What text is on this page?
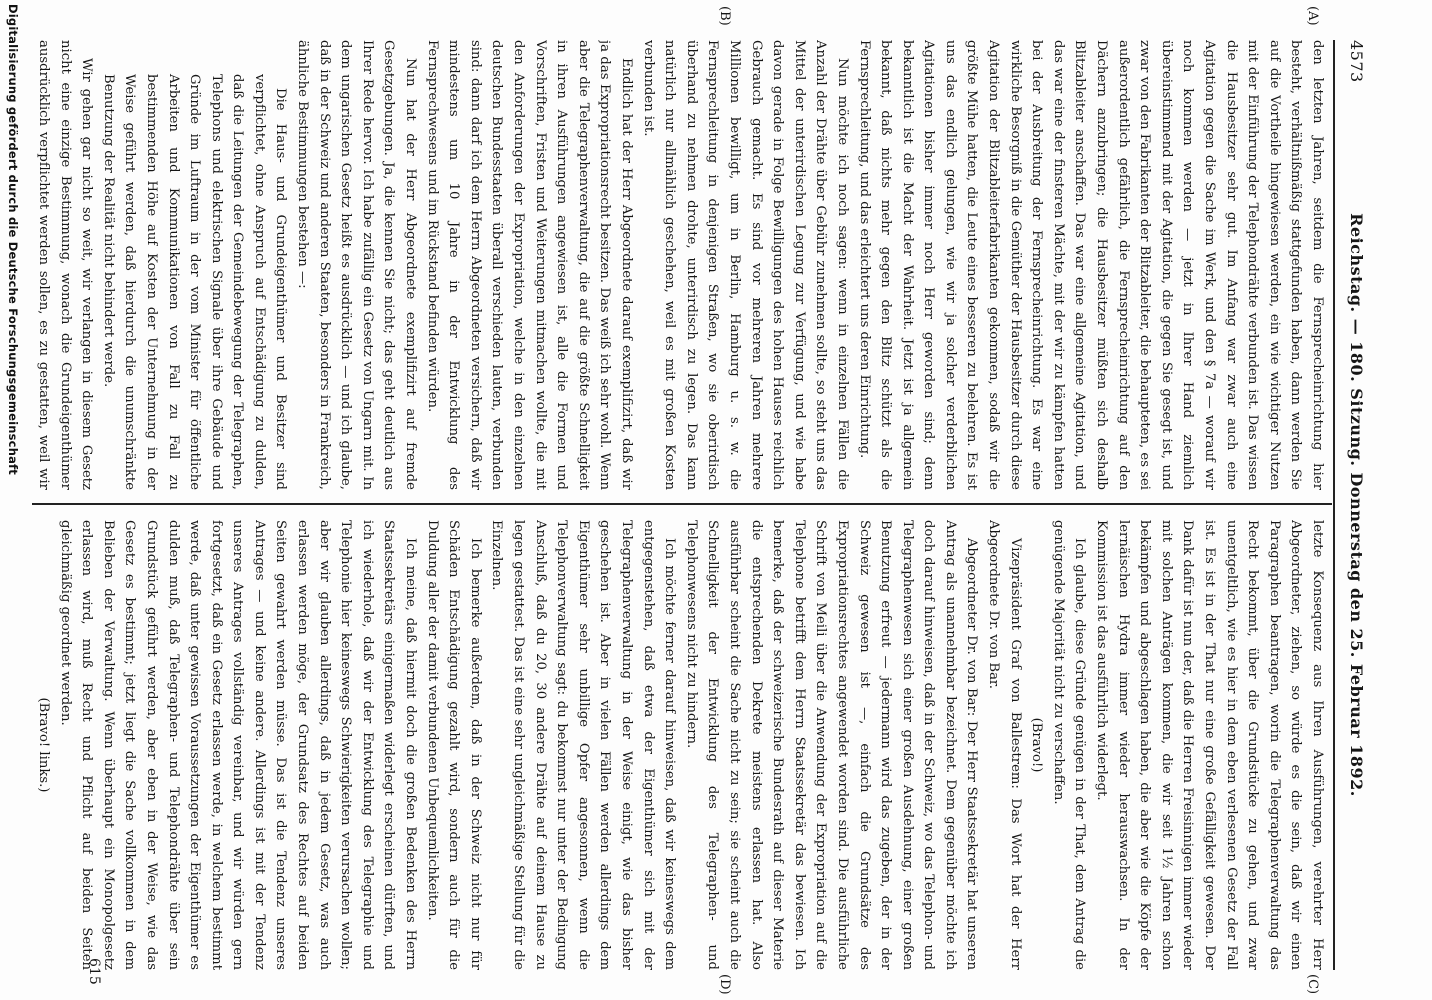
4573
Reichstag. — 180. Sitzung. Donnerstag den 25. Februar 1892.
(A)
(B)
(C)
(D)

den letzten Jahren, seitdem die Fernsprecheinrichtung hier besteht, verhältnißmäßig stattgefunden haben, dann werden Sie auf die Vortheile hingewiesen werden, ein wie wichtiger Nutzen mit der Einführung der Telephondrähte verbunden ist. Das wissen die Hausbesitzer sehr gut. Im Anfang war zwar auch eine Agitation gegen die Sache im Werk, und den § 7a — worauf wir noch kommen werden — jetzt in Ihrer Hand ziemlich übereinstimmend mit der Agitation, die gegen Sie gesegt ist, und zwar von den Fabrikanten der Blitzableiter, die behaupteten, es sei außerordentlich gefährlich, die Fernsprecheinrichtung auf den Dächern anzubringen; die Hausbesitzer müßten sich deshalb Blitzableiter anschaffen. Das war eine allgemeine Agitation, und das war eine der finsteren Mächte, mit der wir zu kämpfen hatten bei der Ausbreitung der Fernsprecheinrichtung. Es war eine wirkliche Besorgniß in die Gemüther der Hausbesitzer durch diese Agitation der Blitzableiterfabrikanten gekommen, sodaß wir die größte Mühe hatten, die Leute eines besseren zu belehren. Es ist uns das endlich gelungen, wie wir ja solcher verderblichen Agitationen bisher immer noch Herr geworden sind; denn bekanntlich ist die Macht der Wahrheit. Jetzt ist ja allgemein bekannt, daß nichts mehr gegen den Blitz schützt als die Fernsprechleitung, und das erleichtert uns deren Einrichtung.

Nun möchte ich noch sagen: wenn in einzelnen Fällen die Anzahl der Drähte über Gebühr zunehmen sollte, so steht uns das Mittel der unterirdischen Legung zur Verfügung, und wie habe davon gerade in Folge Bewilligungen des hohen Hauses reichlich Gebrauch gemacht. Es sind vor mehreren Jahren mehrere Millionen bewilligt, um in Berlin, Hamburg u. s. w. die Fernsprechleitung in denjenigen Straßen, wo sie oberirdisch überhand zu nehmen drohte, unterirdisch zu legen. Das kann natürlich nur allmählich geschehen, weil es mit großen Kosten verbunden ist.

Endlich hat der Herr Abgeordnete darauf exemplifizirt, daß wir ja das Expropriationsrecht besitzen. Das weiß ich sehr wohl. Wenn aber die Telegraphenverwaltung, die auf die größte Schnelligkeit in ihren Ausführungen angewiesen ist, alle die Formen und Vorschriften, Fristen und Weiterungen mitmachen wollte, die mit den Anforderungen der Expropriation, welche in den einzelnen deutschen Bundesstaaten überall verschieden lauten, verbunden sind: dann darf ich dem Herrn Abgeordneten versichern, daß wir mindestens um 10 Jahre in der Entwicklung des Fernsprechwesens und im Rückstand befinden würden.

Nun hat der Herr Abgeordnete exemplifizirt auf fremde Gesetzgebungen. Ja, die kennen Sie nicht; das geht deutlich aus Ihrer Rede hervor. Ich habe zufällig ein Gesetz von Ungarn mit. In dem ungarischen Gesetz heißt es ausdrücklich — und ich glaube, daß in der Schweiz und anderen Staaten, besonders in Frankreich, ähnliche Bestimmungen bestehen —:

Die Haus- und Grundeigenthümer und Besitzer sind verpflichtet, ohne Anspruch auf Entschädigung zu dulden, daß die Leitungen der Gemeindebewegung der Telegraphen, Telephons und elektrischen Signale über ihre Gebäude und Gründe im Luftraum in der vom Minister für öffentliche Arbeiten und Kommunikationen von Fall zu Fall zu bestimmenden Höhe auf Kosten der Unternehmung in der Weise geführt werden, daß hierdurch die unumschränkte Benutzung der Realität nicht behindert werde.

Wir gehen gar nicht so weit, wir verlangen in diesem Gesetz nicht eine einzige Bestimmung, wonach die Grundeigenthümer ausdrücklich verpflichtet werden sollen, es zu gestatten, weil wir

letzte Konsequenz aus Ihren Ausführungen, verehrter Herr Abgeordneter, ziehen, so würde es die sein, daß wir einen Paragraphen beantragen, worin die Telegraphenverwaltung das Recht bekommt, über die Grundstücke zu gehen, und zwar unentgeltlich, wie es hier in dem eben verlesenen Gesetz der Fall ist. Es ist in der That nur eine große Gefälligkeit gewesen. Der Dank dafür ist nun der, daß die Herren Freisinnigen immer wieder mit solchen Anträgen kommen, die wir seit 1½ Jahren schon bekämpfen und abgeschlagen haben, die aber wie die Köpfe der lernäischen Hydra immer wieder herauswachsen. In der Kommission ist das ausführlich widerlegt.

Ich glaube, diese Gründe genügen in der That, dem Antrag die genügende Majorität nicht zu verschaffen.

(Bravo!)

Vizepräsident Graf von Ballestrem: Das Wort hat der Herr Abgeordnete Dr. von Bar.

Abgeordneter Dr. von Bar: Der Herr Staatssekretär hat unseren Antrag als unannehmbar bezeichnet. Dem gegenüber möchte ich doch darauf hinweisen, daß in der Schweiz, wo das Telephon- und Telegraphenwesen sich einer großen Ausdehnung, einer großen Benutzung erfreut — jedermann wird das zugeben, der in der Schweiz gewesen ist —, einfach die Grundsätze des Expropriationsrechtes angewendet worden sind. Die ausführliche Schrift von Meili über die Anwendung der Expropriation auf die Telephone betrifft dem Herrn Staatssekretär das bewiesen. Ich bemerke, daß der schweizerische Bundesrath auf dieser Materie die entsprechenden Dekrete meistens erlassen hat. Also ausführbar scheint die Sache nicht zu sein; sie scheint auch die Schnelligkeit der Entwicklung des Telegraphen- und Telephonwesens nicht zu hindern.

Ich möchte ferner darauf hinweisen, daß wir keineswegs dem entgegenstehen, daß etwa der Eigenthümer sich mit der Telegraphenverwaltung in der Weise einigt, wie das bisher geschehen ist. Aber in vielen Fällen werden allerdings dem Eigenthümer sehr unbillige Opfer angesonnen, wenn die Telephonverwaltung sagt: du bekommst nur unter der Bedingung Anschluß, daß du 20, 30 andere Drähte auf deinem Hause zu legen gestattest. Das ist eine sehr ungleichmäßige Stellung für die Einzelnen.

Ich bemerke außerdem, daß in der Schweiz nicht nur für Schäden Entschädigung gezahlt wird, sondern auch für die Duldung aller der damit verbundenen Unbequemlichkeiten.

Ich meine, daß hiermit doch die großen Bedenken des Herrn Staatssekretärs einigermaßen widerlegt erscheinen dürften, und ich wiederhole, daß wir der Entwicklung des Telegraphie und Telephonie hier keineswegs Schwierigkeiten verursachen wollen; aber wir glauben allerdings, daß in jedem Gesetz, was auch erlassen werden möge, der Grundsatz des Rechtes auf beiden Seiten gewahrt werden müsse. Das ist die Tendenz unseres Antrages — und keine andere. Allerdings ist mit der Tendenz unseres Antrages vollständig vereinbar, und wir würden gern fortgesetzt, daß ein Gesetz erlassen werde, in welchem bestimmt werde, daß unter gewissen Voraussetzungen der Eigenthümer es dulden muß, daß Telegraphen- und Telephondrähte über sein Grundstück geführt werden, aber eben in der Weise, wie das Gesetz es bestimmt; jetzt liegt die Sache vollkommen in dem Belieben der Verwaltung. Wenn überhaupt ein Monopolgesetz erlassen wird, muß Recht und Pflicht auf beiden Seiten gleichmäßig geordnet werden.

(Bravo! links.)

615
Digitalisierung gefördert durch die Deutsche Forschungsgemeinschaft
